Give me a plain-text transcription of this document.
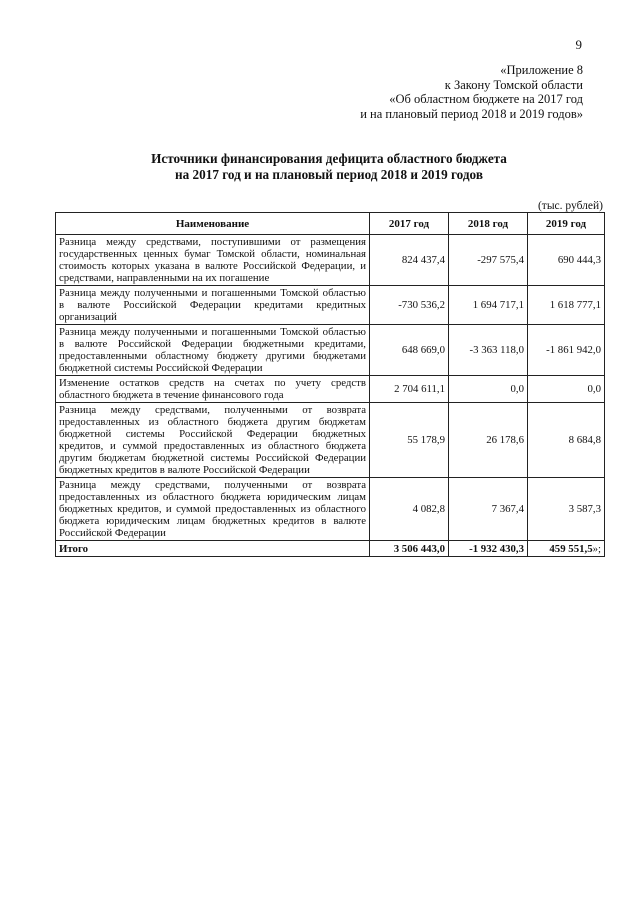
9
«Приложение 8
к Закону Томской области
«Об областном бюджете на 2017 год
и на плановый период 2018 и 2019 годов»
Источники финансирования дефицита областного бюджета
на 2017 год и на плановый период 2018 и 2019 годов
(тыс. рублей)
Наименование	2017 год	2018 год	2019 год
Разница между средствами, поступившими от размещения государственных ценных бумаг Томской области, номинальная стоимость которых указана в валюте Российской Федерации, и средствами, направленными на их погашение	824 437,4	-297 575,4	690 444,3
Разница между полученными и погашенными Томской областью в валюте Российской Федерации кредитами кредитных организаций	-730 536,2	1 694 717,1	1 618 777,1
Разница между полученными и погашенными Томской областью в валюте Российской Федерации бюджетными кредитами, предоставленными областному бюджету другими бюджетами бюджетной системы Российской Федерации	648 669,0	-3 363 118,0	-1 861 942,0
Изменение остатков средств на счетах по учету средств областного бюджета в течение финансового года	2 704 611,1	0,0	0,0
Разница между средствами, полученными от возврата предоставленных из областного бюджета другим бюджетам бюджетной системы Российской Федерации бюджетных кредитов, и суммой предоставленных из областного бюджета другим бюджетам бюджетной системы Российской Федерации бюджетных кредитов в валюте Российской Федерации	55 178,9	26 178,6	8 684,8
Разница между средствами, полученными от возврата предоставленных из областного бюджета юридическим лицам бюджетных кредитов, и суммой предоставленных из областного бюджета юридическим лицам бюджетных кредитов в валюте Российской Федерации	4 082,8	7 367,4	3 587,3
Итого	3 506 443,0	-1 932 430,3	459 551,5»;
